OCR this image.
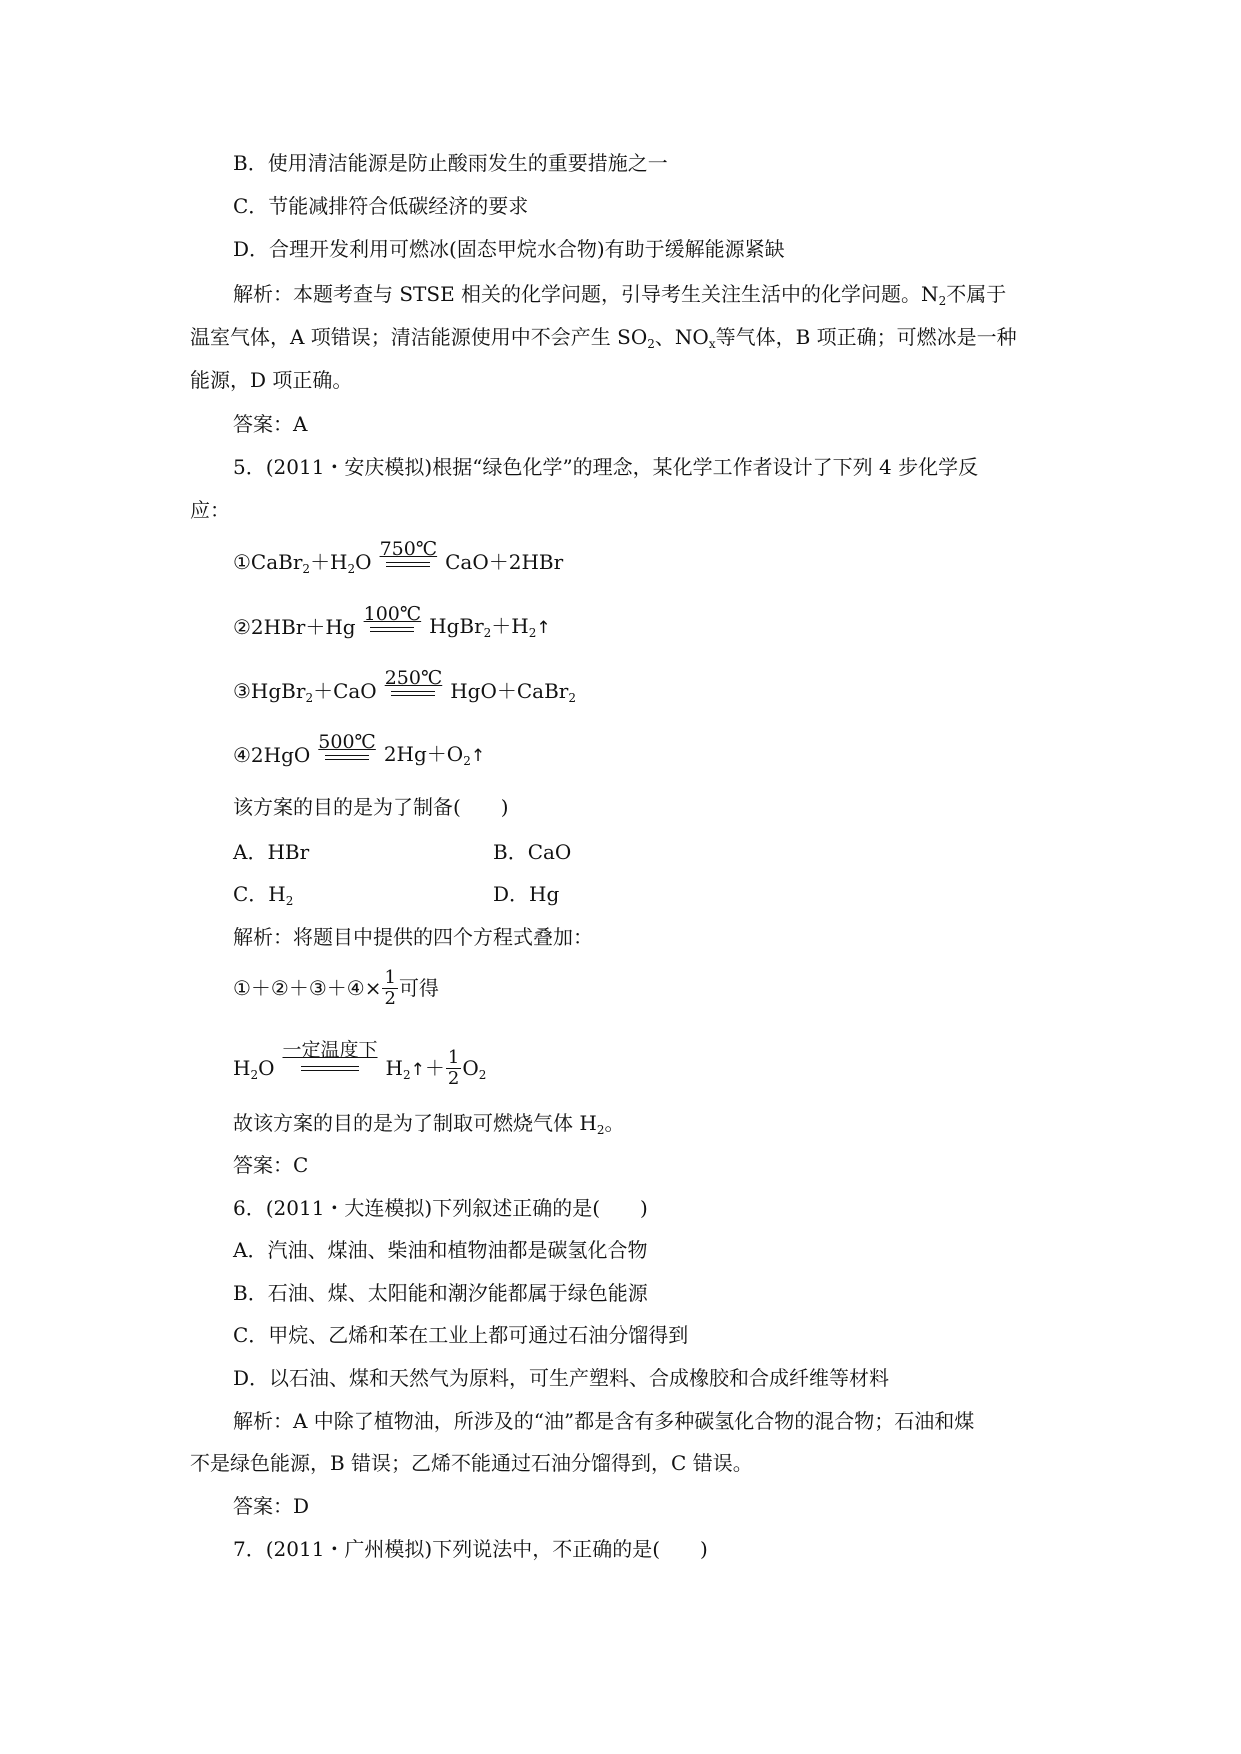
B．使用清洁能源是防止酸雨发生的重要措施之一
C．节能减排符合低碳经济的要求
D．合理开发利用可燃冰(固态甲烷水合物)有助于缓解能源紧缺
解析：本题考查与 STSE 相关的化学问题，引导考生关注生活中的化学问题。$N_2$不属于
温室气体，A 项错误；清洁能源使用中不会产生 $SO_2$、$NO_x$等气体，B 项正确；可燃冰是一种
能源，D 项正确。
答案：A
5．(2011・安庆模拟)根据“绿色化学”的理念，某化学工作者设计了下列 4 步化学反
应：
$①CaBr_2+H_2O$
750℃
CaO＋2HBr
②2HBr＋Hg
100℃ $HgBr_2+H_2↑$
③HgBr$_2$＋CaO
250℃
HgO＋CaBr$_2$
④2HgO
500℃ $2Hg+O_2↑$
该方案的目的是为了制备(　　)
A．HBr	B．CaO
C．$H_2$	D．Hg
解析：将题目中提供的四个方程式叠加：
①＋②＋③＋④× $\frac{1}{2}$ 可得
$H_2O$
一定温度下
$H_2↑+ \frac{1}{2} O_2$
故该方案的目的是为了制取可燃烧气体 $H_2$。
答案：C
6．(2011・大连模拟)下列叙述正确的是(　　)
A．汽油、煤油、柴油和植物油都是碳氢化合物
B．石油、煤、太阳能和潮汐能都属于绿色能源
C．甲烷、乙烯和苯在工业上都可通过石油分馏得到
D．以石油、煤和天然气为原料，可生产塑料、合成橡胶和合成纤维等材料
解析：A 中除了植物油，所涉及的“油”都是含有多种碳氢化合物的混合物；石油和煤
不是绿色能源，B 错误；乙烯不能通过石油分馏得到，C 错误。
答案：D
7．(2011・广州模拟)下列说法中，不正确的是(　　)
